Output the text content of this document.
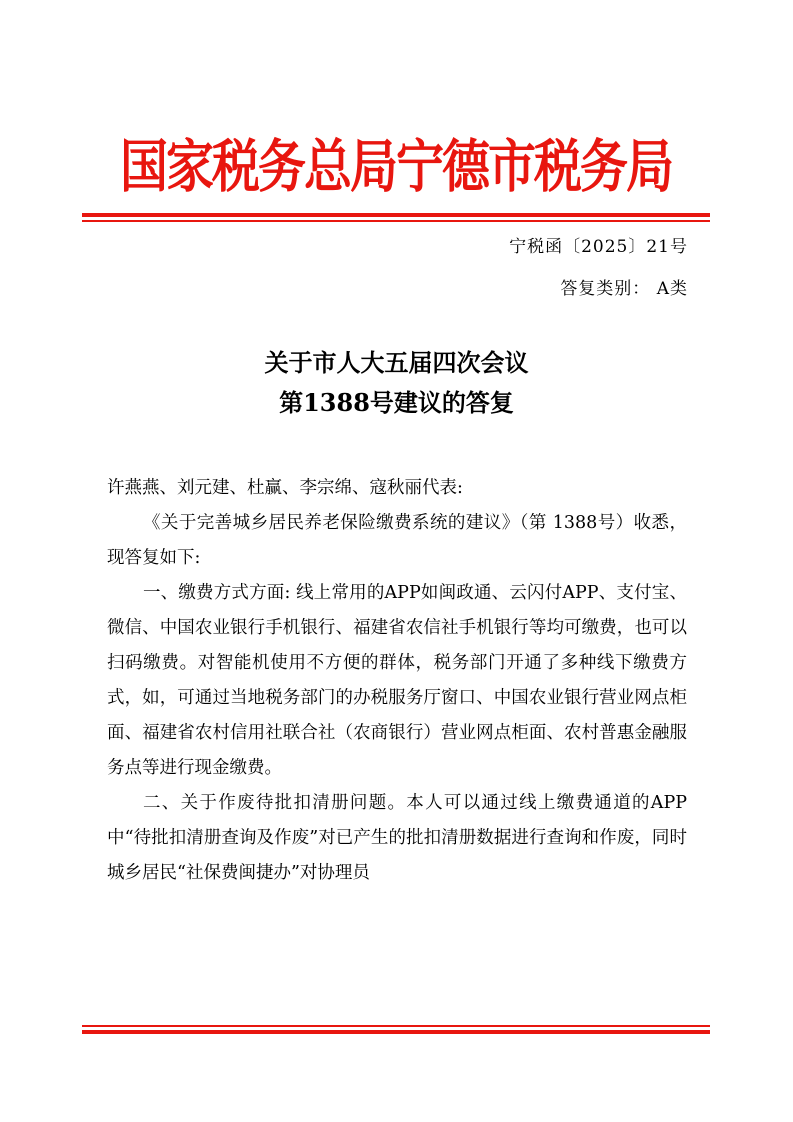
国家税务总局宁德市税务局
宁税函〔2025〕21号
答复类别： A类
关于市人大五届四次会议
第1388号建议的答复

许燕燕、刘元建、杜赢、李宗绵、寇秋丽代表:

《关于完善城乡居民养老保险缴费系统的建议》（第 1388号）收悉，现答复如下:

一、缴费方式方面: 线上常用的APP如闽政通、云闪付APP、支付宝、微信、中国农业银行手机银行、福建省农信社手机银行等均可缴费，也可以扫码缴费。对智能机使用不方便的群体，税务部门开通了多种线下缴费方式，如，可通过当地税务部门的办税服务厅窗口、中国农业银行营业网点柜面、福建省农村信用社联合社（农商银行）营业网点柜面、农村普惠金融服务点等进行现金缴费。

二、关于作废待批扣清册问题。本人可以通过线上缴费通道的APP中“待批扣清册查询及作废”对已产生的批扣清册数据进行查询和作废，同时城乡居民“社保费闽捷办”对协理员
